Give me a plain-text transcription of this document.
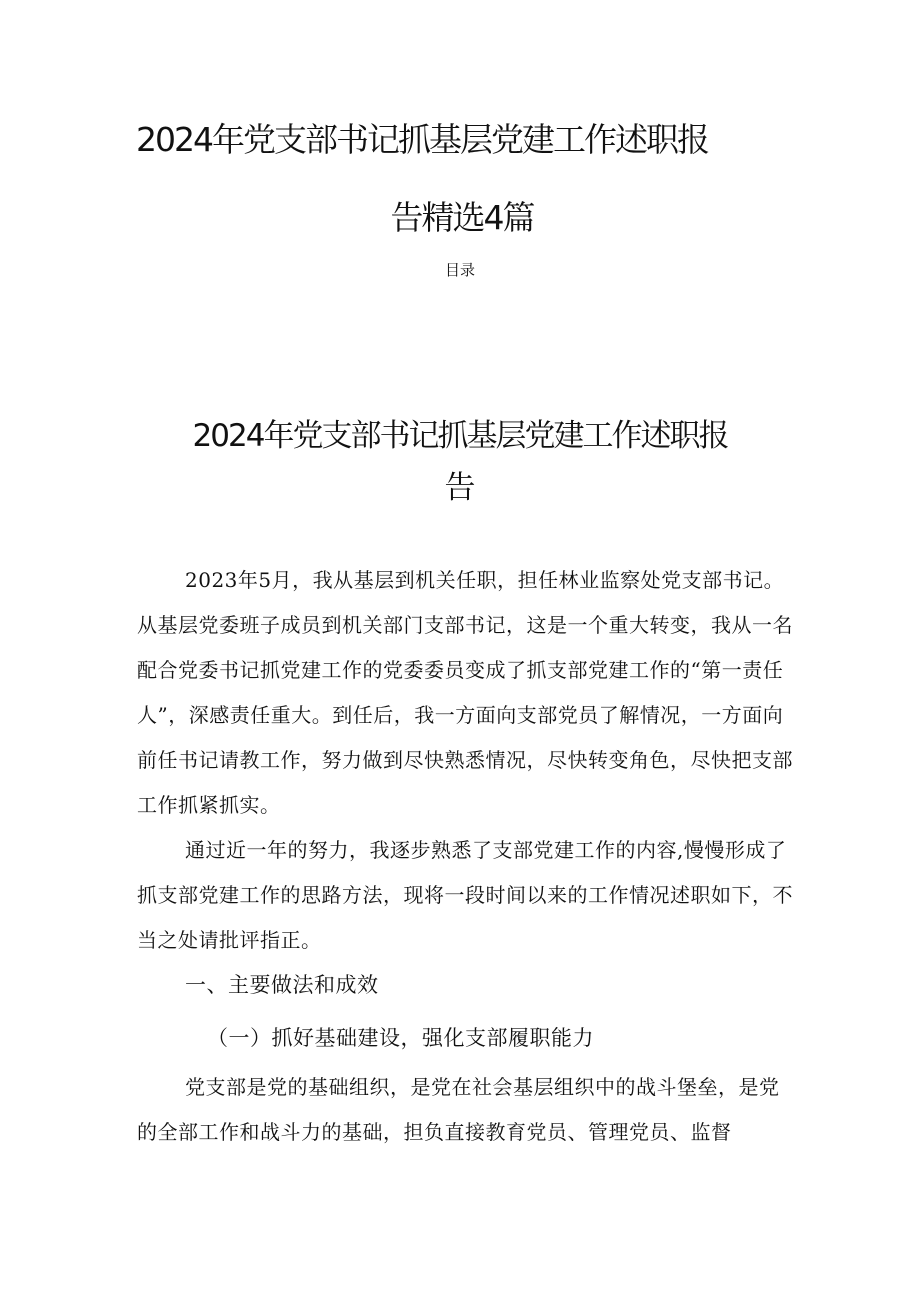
2024年党支部书记抓基层党建工作述职报
告精选4篇
目录
2024年党支部书记抓基层党建工作述职报
告

2023年5月，我从基层到机关任职，担任林业监察处党支部书记。从基层党委班子成员到机关部门支部书记，这是一个重大转变，我从一名配合党委书记抓党建工作的党委委员变成了抓支部党建工作的“第一责任人”，深感责任重大。到任后，我一方面向支部党员了解情况，一方面向前任书记请教工作，努力做到尽快熟悉情况，尽快转变角色，尽快把支部工作抓紧抓实。

通过近一年的努力，我逐步熟悉了支部党建工作的内容,慢慢形成了抓支部党建工作的思路方法，现将一段时间以来的工作情况述职如下，不当之处请批评指正。

一、主要做法和成效

（一）抓好基础建设，强化支部履职能力

党支部是党的基础组织，是党在社会基层组织中的战斗堡垒，是党的全部工作和战斗力的基础，担负直接教育党员、管理党员、监督
